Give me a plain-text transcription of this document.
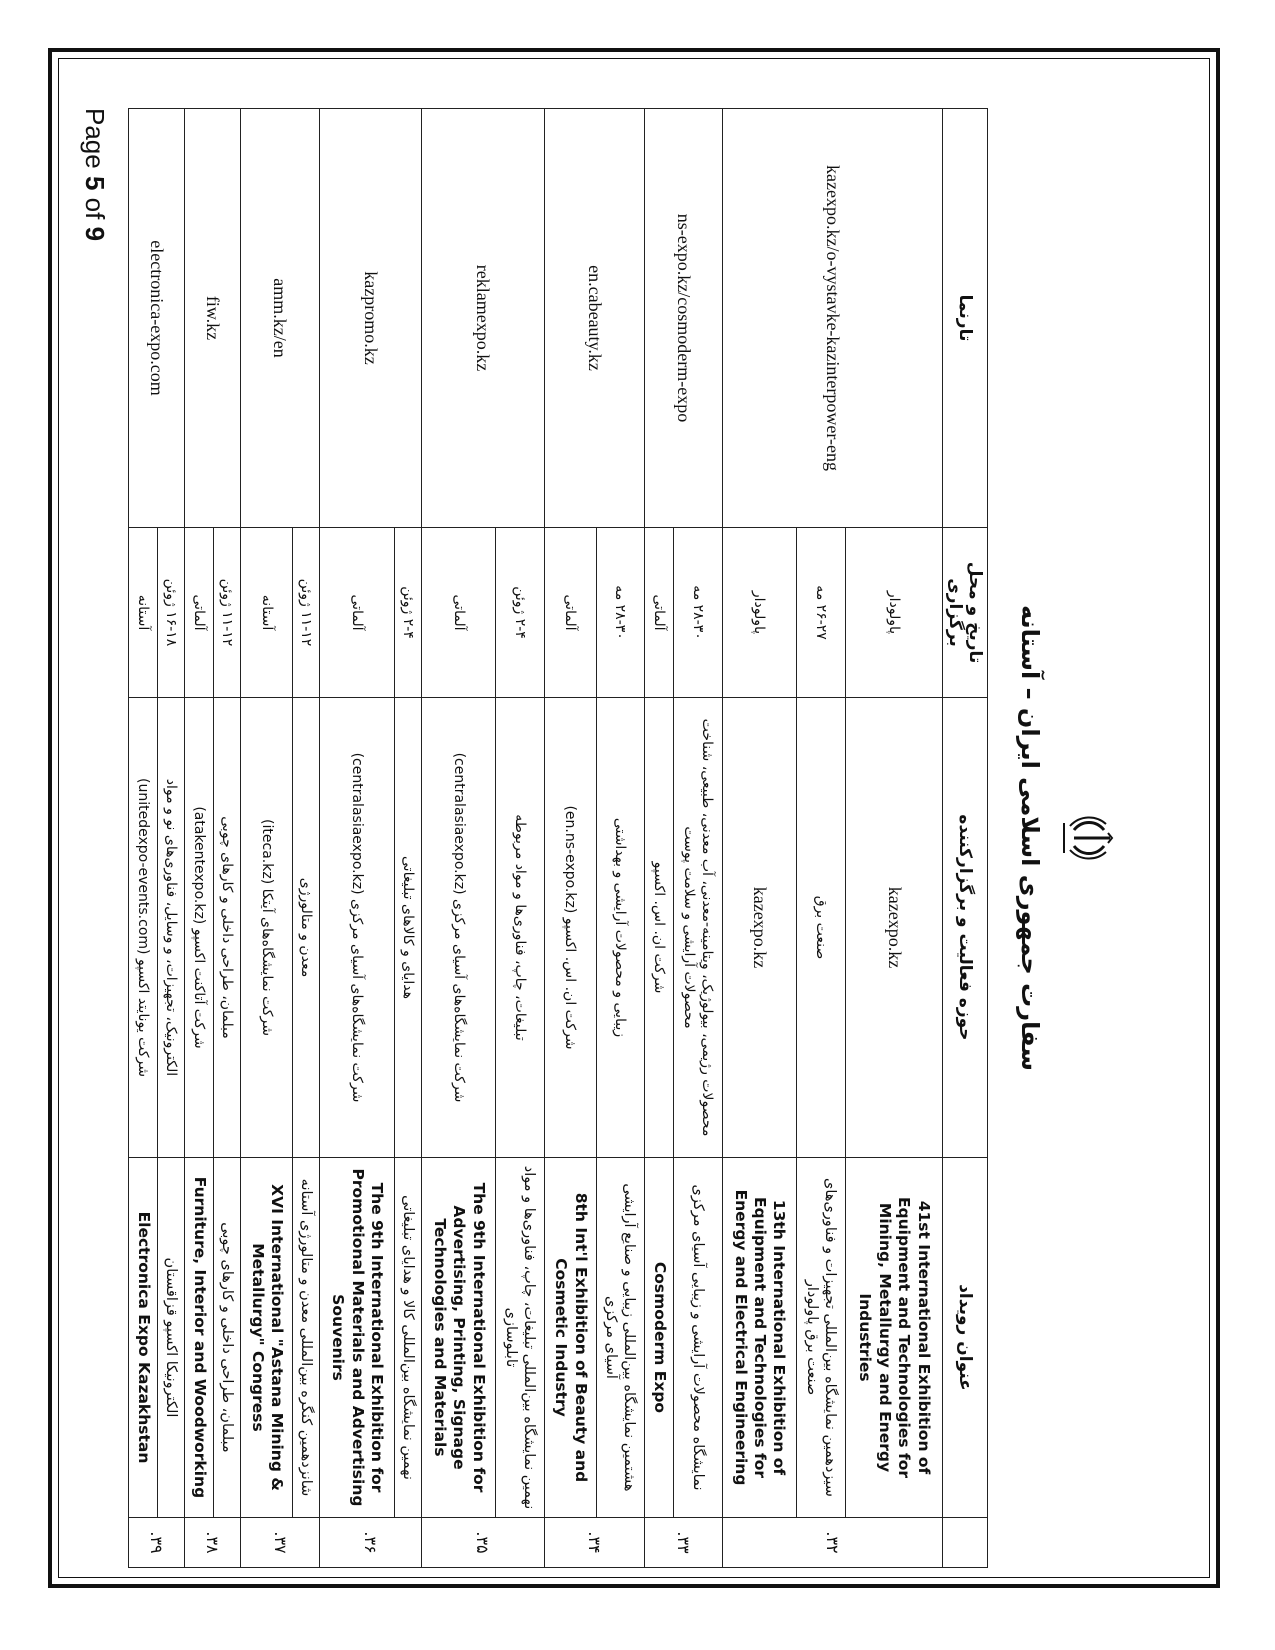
سفارت جمهوری اسلامی ایران – آستانه
	عنوان رویداد	حوزه فعالیت و برگزارکننده	تاریخ و محل برگزاری	تارنما
۳۲.	41st International Exhibition of Equipment and Technologies for Mining, Metallurgy and Energy Industries	kazexpo.kz	پاولودار	kazexpo.kz/o-vystavke-kazinterpower-eng
	سیزدهمین نمایشگاه بین‌المللی تجهیزات و فناوری‌های صنعت برق پاولودار	صنعت برق	۲۶-۲۷ مه	
	13th International Exhibition of Equipment and Technologies for Energy and Electrical Engineering	kazexpo.kz	پاولودار	
۳۳.	نمایشگاه محصولات آرایشی و زیبایی آسیای مرکزی	محصولات رژیمی، بیولوژیک، ویتامینه-معدنی، آب معدنی، طبیعی، شناخت محصولات آرایشی و سلامت پوست	۲۸-۳۰ مه	ns-expo.kz/cosmoderm-expo
	Cosmoderm Expo	شرکت ان. اس. اکسپو	آلماتی	
۳۴.	هشتمین نمایشگاه بین‌المللی زیبایی و صنایع آرایشی آسیای مرکزی	زیبایی و محصولات آرایشی و بهداشتی	۲۸-۳۰ مه	en.cabeauty.kz
	8th Int'l Exhibition of Beauty and Cosmetic Industry	شرکت ان. اس. اکسپو (en.ns-expo.kz)	آلماتی	
۳۵.	نهمین نمایشگاه بین‌المللی تبلیغات، چاپ، فناوری‌ها و مواد تابلوسازی	تبلیغات، چاپ، فناوری‌ها و مواد مربوطه	۲-۴ ژوئن	reklamexpo.kz
	The 9th International Exhibition for Advertising, Printing, Signage Technologies and Materials	شرکت نمایشگاه‌های آسیای مرکزی (centralasiaexpo.kz)	آلماتی	
۳۶.	نهمین نمایشگاه بین‌المللی کالا و هدایای تبلیغاتی	هدایای و کالاهای تبلیغاتی	۲-۴ ژوئن	kazpromo.kz
	The 9th International Exhibition for Promotional Materials and Advertising Souvenirs	شرکت نمایشگاه‌های آسیای مرکزی (centralasiaexpo.kz)	آلماتی	
۳۷.	شانزدهمین کنگره بین‌المللی معدن و متالورژی آستانه	معدن و متالورژی	۱۱-۱۲ ژوئن	amm.kz/en
	XVI International "Astana Mining & Metallurgy" Congress	شرکت نمایشگاه‌های آیتکا (iteca.kz)	آستانه	
۳۸.	مبلمان، طراحی داخلی و کارهای چوبی	مبلمان، طراحی داخلی و کارهای چوبی	۱۱-۱۲ ژوئن	fiw.kz
	Furniture, Interior and Woodworking	شرکت آتاکنت اکسپو (atakentexpo.kz)	آلماتی	
۳۹.	الکترونیکا اکسپو قزاقستان	الکترونیک، تجهیزات، و وسایل، فناوری‌های نو و مواد	۱۶-۱۸ ژوئن	electronica-expo.com
	Electronica Expo Kazakhstan	شرکت یونایتد اکسپو (unitedexpo-events.com)	آستانه	
Page 5 of 9
